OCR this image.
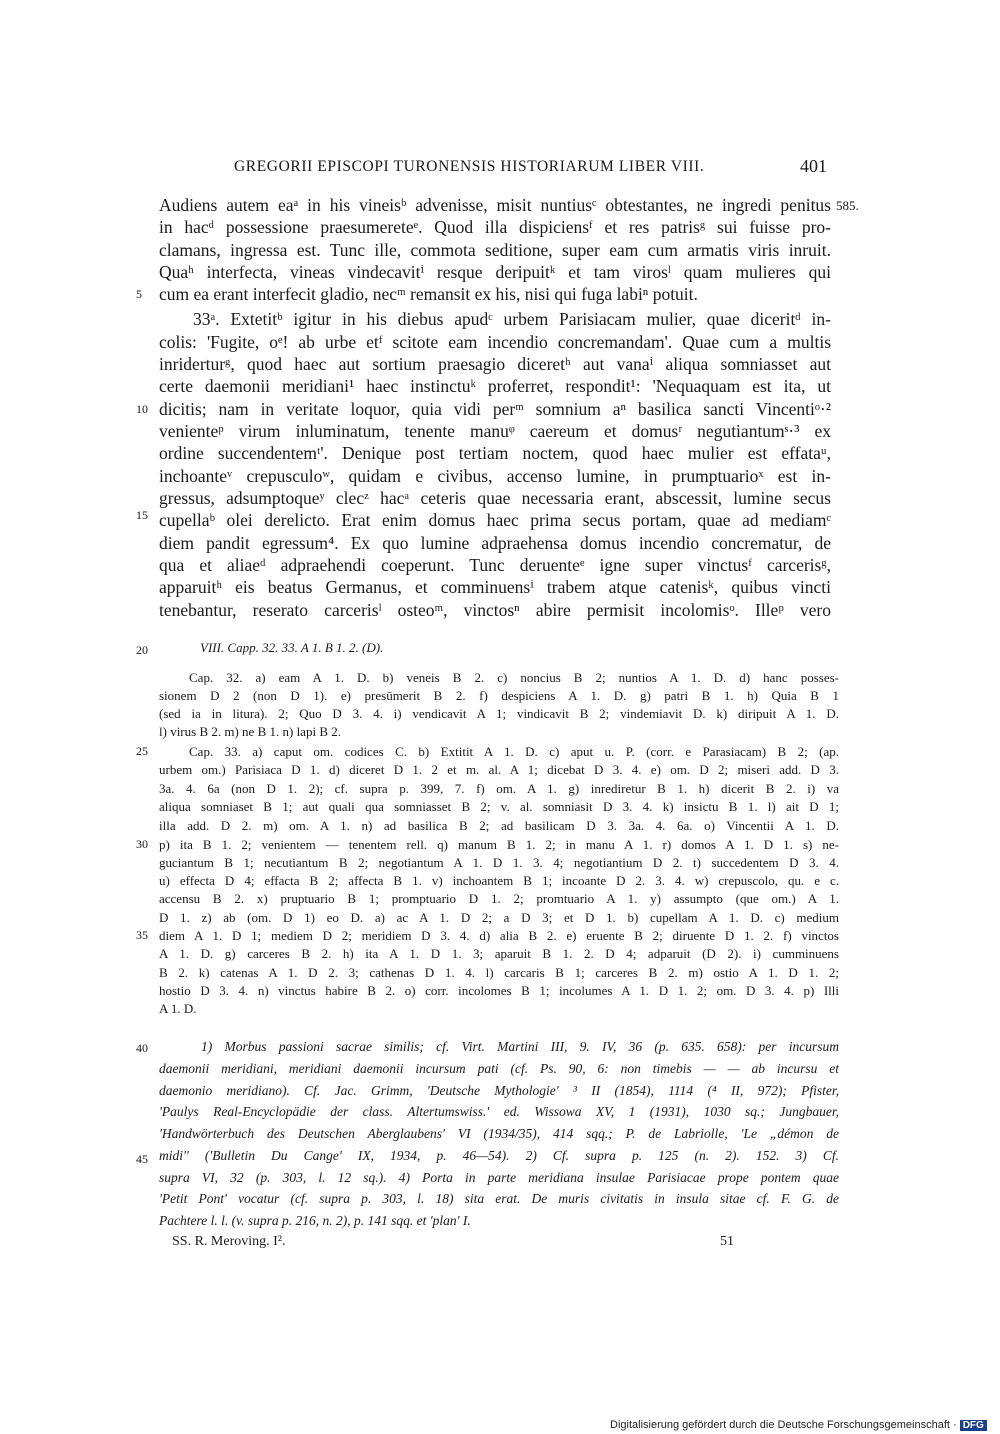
GREGORII EPISCOPI TURONENSIS HISTORIARUM LIBER VIII.	401
585.
5
10
15
20
25
30
35
40
45
Audiens autem eaᵃ in his vineisᵇ advenisse, misit nuntiusᶜ obtestantes, ne ingredi penitus
in hacᵈ possessione praesumereteᵉ. Quod illa dispiciensᶠ et res patrisᵍ sui fuisse pro-
clamans, ingressa est. Tunc ille, commota seditione, super eam cum armatis viris inruit.
Quaʰ interfecta, vineas vindecavitⁱ resque deripuitᵏ et tam virosˡ quam mulieres qui
cum ea erant interfecit gladio, necᵐ remansit ex his, nisi qui fuga labiⁿ potuit.
33ᵃ. Extetitᵇ igitur in his diebus apudᶜ urbem Parisiacam mulier, quae diceritᵈ in-
colis: 'Fugite, oᵉ! ab urbe etᶠ scitote eam incendio concremandam'. Quae cum a multis
inriderturᵍ, quod haec aut sortium praesagio diceretʰ aut vanaⁱ aliqua somniasset aut
certe daemonii meridiani¹ haec instinctuᵏ proferret, respondit¹: 'Nequaquam est ita, ut
dicitis; nam in veritate loquor, quia vidi perᵐ somnium aⁿ basilica sancti Vincentiᵒ·²
venienteᵖ virum inluminatum, tenente manuᵠ caereum et domusʳ negutiantumˢ·³ ex
ordine succendentemᵗ'. Denique post tertiam noctem, quod haec mulier est effataᵘ,
inchoanteᵛ crepusculoʷ, quidam e civibus, accenso lumine, in prumptuarioˣ est in-
gressus, adsumptoqueʸ clecᶻ hacᵃ ceteris quae necessaria erant, abscessit, lumine secus
cupellaᵇ olei derelicto. Erat enim domus haec prima secus portam, quae ad mediamᶜ
diem pandit egressum⁴. Ex quo lumine adpraehensa domus incendio concrematur, de
qua et aliaeᵈ adpraehendi coeperunt. Tunc deruenteᵉ igne super vinctusᶠ carcerisᵍ,
apparuitʰ eis beatus Germanus, et comminuensⁱ trabem atque catenisᵏ, quibus vincti
tenebantur, reserato carcerisˡ osteoᵐ, vinctosⁿ abire permisit incolomisᵒ. Illeᵖ vero
VIII. Capp. 32. 33. A 1. B 1. 2. (D).
Cap. 32. a) eam A 1. D. b) veneis B 2. c) noncius B 2; nuntios A 1. D. d) hanc posses-
sionem D 2 (non D 1). e) presūmerit B 2. f) despiciens A 1. D. g) patri B 1. h) Quia B 1
(sed ia in litura). 2; Quo D 3. 4. i) vendicavit A 1; vindicavit B 2; vindemiavit D. k) diripuit A 1. D.
l) virus B 2. m) ne B 1. n) lapi B 2.
Cap. 33. a) caput om. codices C. b) Extitit A 1. D. c) aput u. P. (corr. e Parasiacam) B 2; (ap.
urbem om.) Parisiaca D 1. d) diceret D 1. 2 et m. al. A 1; dicebat D 3. 4. e) om. D 2; miseri add. D 3.
3a. 4. 6a (non D 1. 2); cf. supra p. 399, 7. f) om. A 1. g) inrediretur B 1. h) dicerit B 2. i) va
aliqua somniaset B 1; aut quali qua somniasset B 2; v. al. somniasit D 3. 4. k) insictu B 1. l) ait D 1;
illa add. D 2. m) om. A 1. n) ad basilica B 2; ad basilicam D 3. 3a. 4. 6a. o) Vincentii A 1. D.
p) ita B 1. 2; venientem — tenentem rell. q) manum B 1. 2; in manu A 1. r) domos A 1. D 1. s) ne-
guciantum B 1; necutiantum B 2; negotiantum A 1. D 1. 3. 4; negotiantium D 2. t) succedentem D 3. 4.
u) effecta D 4; effacta B 2; affecta B 1. v) inchoantem B 1; incoante D 2. 3. 4. w) crepuscolo, qu. e c.
accensu B 2. x) pruptuario B 1; promptuario D 1. 2; promtuario A 1. y) assumpto (que om.) A 1.
D 1. z) ab (om. D 1) eo D. a) ac A 1. D 2; a D 3; et D 1. b) cupellam A 1. D. c) medium
diem A 1. D 1; mediem D 2; meridiem D 3. 4. d) alia B 2. e) eruente B 2; diruente D 1. 2. f) vinctos
A 1. D. g) carceres B 2. h) ita A 1. D 1. 3; aparuit B 1. 2. D 4; adparuit (D 2). i) cumminuens
B 2. k) catenas A 1. D 2. 3; cathenas D 1. 4. l) carcaris B 1; carceres B 2. m) ostio A 1. D 1. 2;
hostio D 3. 4. n) vinctus habire B 2. o) corr. incolomes B 1; incolumes A 1. D 1. 2; om. D 3. 4. p) Illi
A 1. D.
1) Morbus passioni sacrae similis; cf. Virt. Martini III, 9. IV, 36 (p. 635. 658): per incursum
daemonii meridiani, meridiani daemonii incursum pati (cf. Ps. 90, 6: non timebis — — ab incursu et
daemonio meridiano). Cf. Jac. Grimm, 'Deutsche Mythologie' ³ II (1854), 1114 (⁴ II, 972); Pfister,
'Paulys Real-Encyclopädie der class. Altertumswiss.' ed. Wissowa XV, 1 (1931), 1030 sq.; Jungbauer,
'Handwörterbuch des Deutschen Aberglaubens' VI (1934/35), 414 sqq.; P. de Labriolle, 'Le „démon de
midi'' ('Bulletin Du Cange' IX, 1934, p. 46—54). 2) Cf. supra p. 125 (n. 2). 152. 3) Cf.
supra VI, 32 (p. 303, l. 12 sq.). 4) Porta in parte meridiana insulae Parisiacae prope pontem quae
'Petit Pont' vocatur (cf. supra p. 303, l. 18) sita erat. De muris civitatis in insula sitae cf. F. G. de
Pachtere l. l. (v. supra p. 216, n. 2), p. 141 sqq. et 'plan' I.
SS. R. Meroving. I².	51
Digitalisierung gefördert durch die Deutsche Forschungsgemeinschaft · DFG
